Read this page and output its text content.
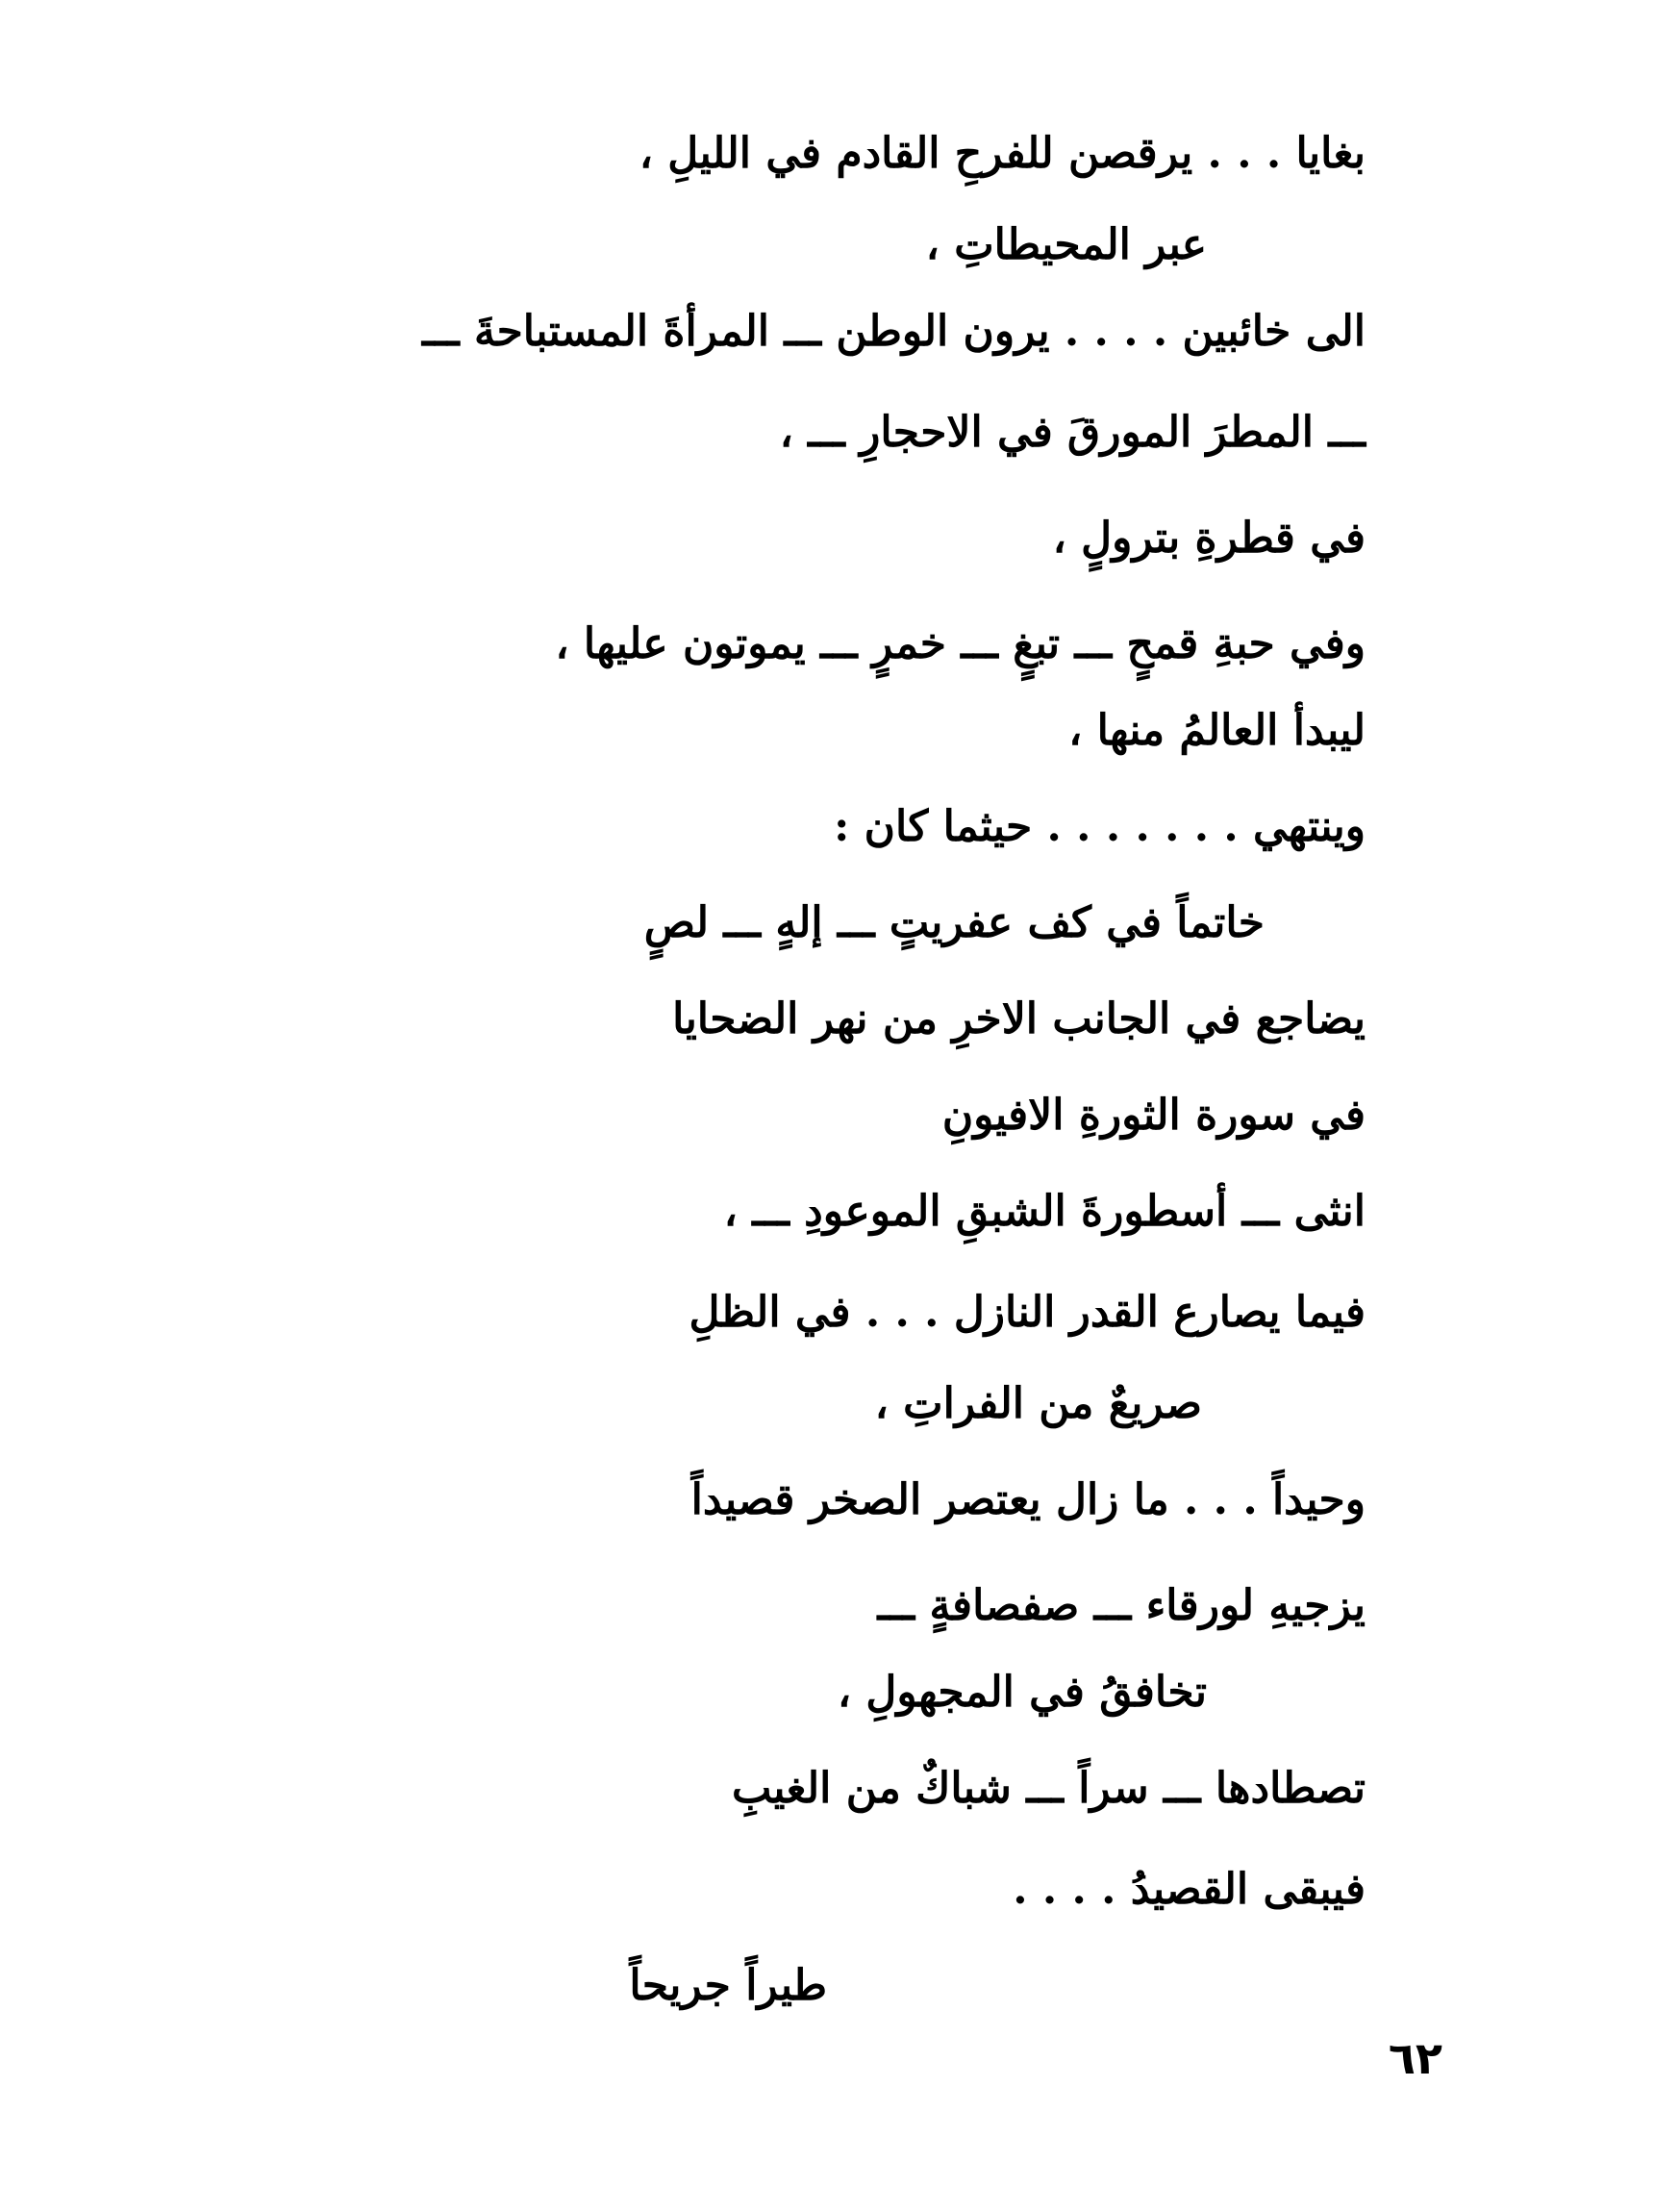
بغايا . . . يرقصن للفرحِ القادم في الليلِ ،
عبر المحيطاتِ ،
الى خائبين . . . . يرون الوطن ـــ المرأةَ المستباحةَ ـــ
ـــ المطرَ المورقَ في الاحجارِ ـــ ،
في قطرةِ بترولٍ ،
وفي حبةِ قمحٍ ـــ تبغٍ ـــ خمرٍ ـــ يموتون عليها ،
ليبدأ العالمُ منها ،
وينتهي . . . . . . . حيثما كان :
خاتماً في كف عفريتٍ ـــ إلهٍ ـــ لصٍ
يضاجع في الجانب الاخرِ من نهر الضحايا
في سورة الثورةِ الافيونِ
انثى ـــ أسطورةَ الشبقِ الموعودِ ـــ ،
فيما يصارع القدر النازل . . . في الظلِ
صريعٌ من الفراتِ ،
وحيداً . . . ما زال يعتصر الصخر قصيداً
يزجيهِ لورقاء ـــ صفصافةٍ ـــ
تخافقُ في المجهولِ ،
تصطادها ـــ سراً ـــ شباكٌ من الغيبِ
فيبقى القصيدُ . . . .
طيراً جريحاً
٦٢
